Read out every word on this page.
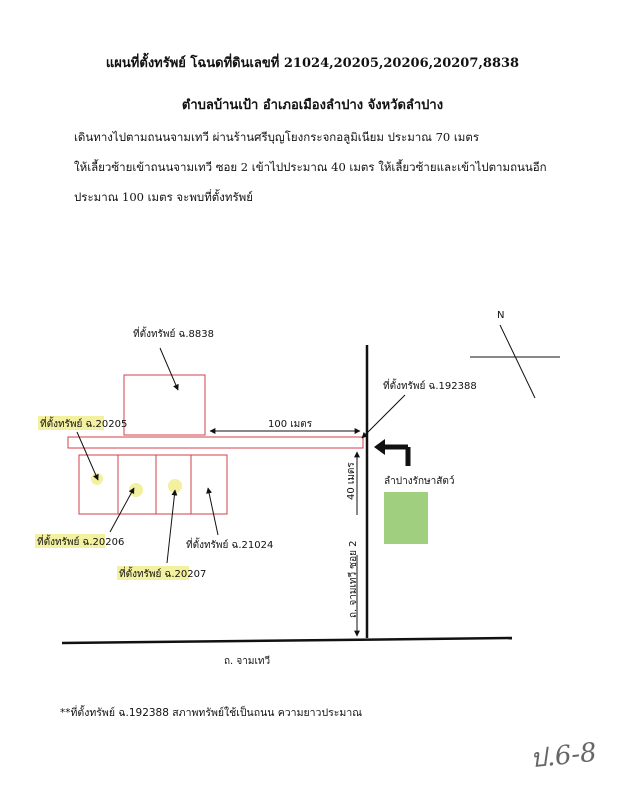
แผนที่ตั้งทรัพย์ โฉนดที่ดินเลขที่ 21024,20205,20206,20207,8838
ตำบลบ้านเป้า อำเภอเมืองลำปาง จังหวัดลำปาง
เดินทางไปตามถนนจามเทวี ผ่านร้านศรีบุญโยงกระจกอลูมิเนียม ประมาณ 70 เมตร
ให้เลี้ยวซ้ายเข้าถนนจามเทวี ซอย 2 เข้าไปประมาณ 40 เมตร ให้เลี้ยวซ้ายและเข้าไปตามถนนอีก
ประมาณ 100 เมตร จะพบที่ตั้งทรัพย์
N
ที่ตั้งทรัพย์ ฉ.8838
ที่ตั้งทรัพย์ ฉ.192388
ที่ตั้งทรัพย์ ฉ.20205
ที่ตั้งทรัพย์ ฉ.20206
ที่ตั้งทรัพย์ ฉ.20207
ที่ตั้งทรัพย์ ฉ.21024
100 เมตร
40 เมตร
ถ. จามเทวี ซอย 2
ลำปางรักษาสัตว์
ถ. จามเทวี
**ที่ตั้งทรัพย์ ฉ.192388 สภาพทรัพย์ใช้เป็นถนน ความยาวประมาณ
ป.6-8
